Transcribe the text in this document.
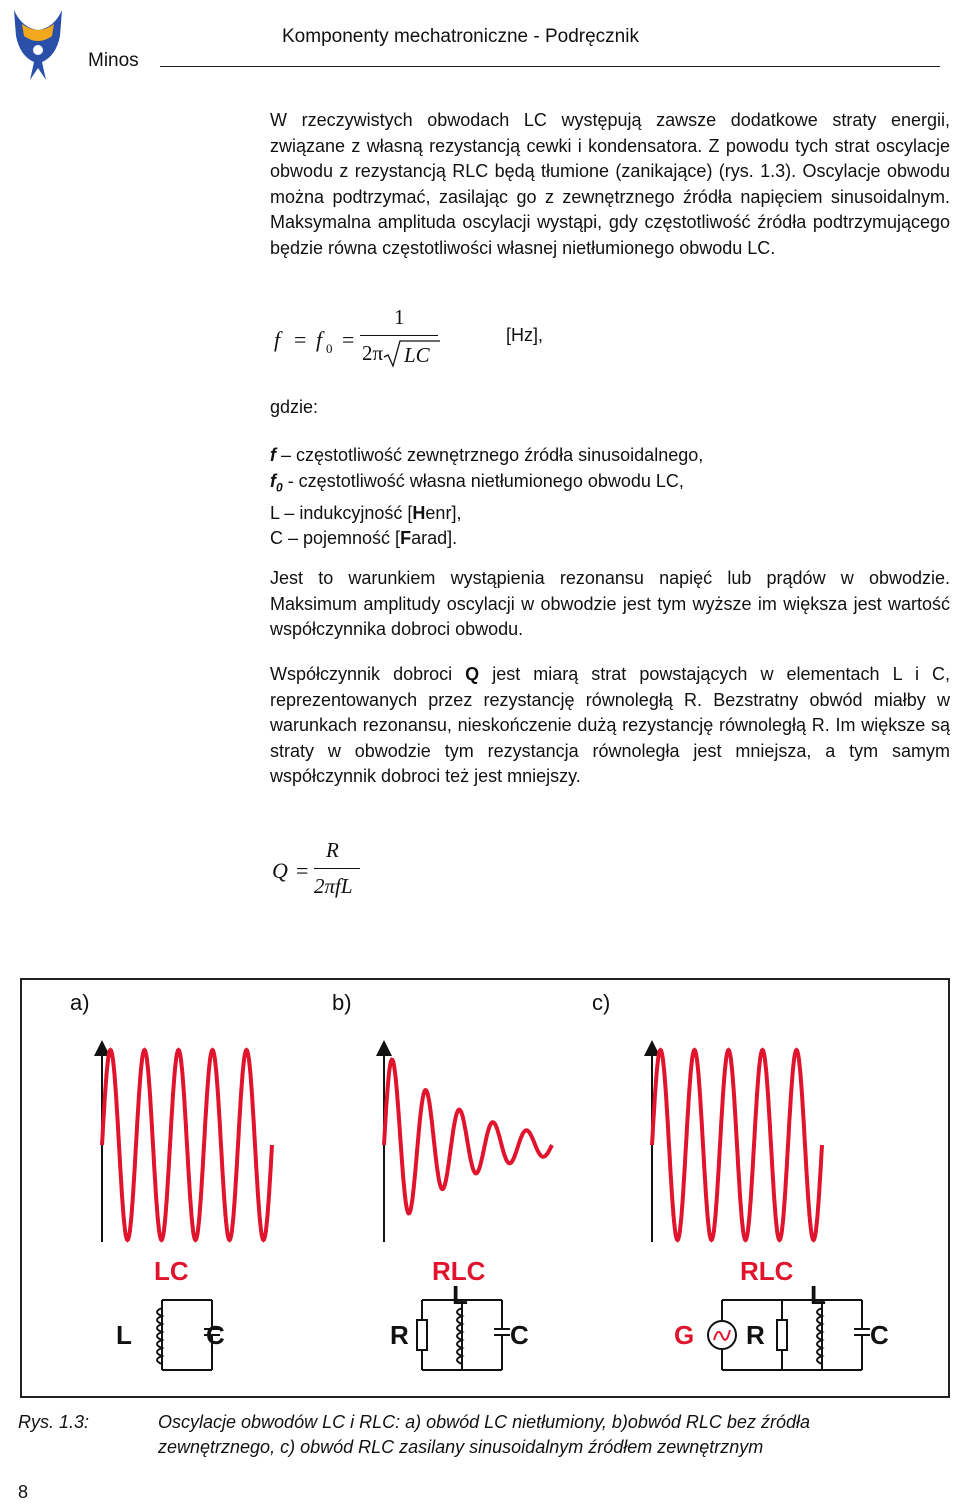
Minos
Komponenty mechatroniczne - Podręcznik

W rzeczywistych obwodach LC występują zawsze dodatkowe straty energii, związane z własną rezystancją cewki i kondensatora. Z powodu tych strat oscylacje obwodu z rezystancją RLC będą tłumione (zanikające) (rys. 1.3). Oscylacje obwodu można podtrzymać, zasilając go z zewnętrznego źródła napięciem sinusoidalnym. Maksymalna amplituda oscylacji wystąpi, gdy częstotliwość źródła podtrzymującego będzie równa częstotliwości własnej nietłumionego obwodu LC.

f = f 0 =
1
2π LC
[Hz],
gdzie:
f – częstotliwość zewnętrznego źródła sinusoidalnego,
$f_0$ - częstotliwość własna nietłumionego obwodu LC,
L – indukcyjność [Henr],
C – pojemność [Farad].

Jest to warunkiem wystąpienia rezonansu napięć lub prądów w obwodzie. Maksimum amplitudy oscylacji w obwodzie jest tym wyższe im większa jest wartość współczynnika dobroci obwodu.

Współczynnik dobroci Q jest miarą strat powstających w elementach L i C, reprezentowanych przez rezystancję równoległą R. Bezstratny obwód miałby w warunkach rezonansu, nieskończenie dużą rezystancję równoległą R. Im większe są straty w obwodzie tym rezystancja równoległa jest mniejsza, a tym samym współczynnik dobroci też jest mniejszy.

Q =
R
2πfL
a)	b)	c)
LC
L	C
RLC
L
R	C
RLC
L
G R	C
Rys. 1.3:	Oscylacje obwodów LC i RLC: a) obwód LC nietłumiony, b)obwód RLC bez źródła
zewnętrznego, c) obwód RLC zasilany sinusoidalnym źródłem zewnętrznym
8
